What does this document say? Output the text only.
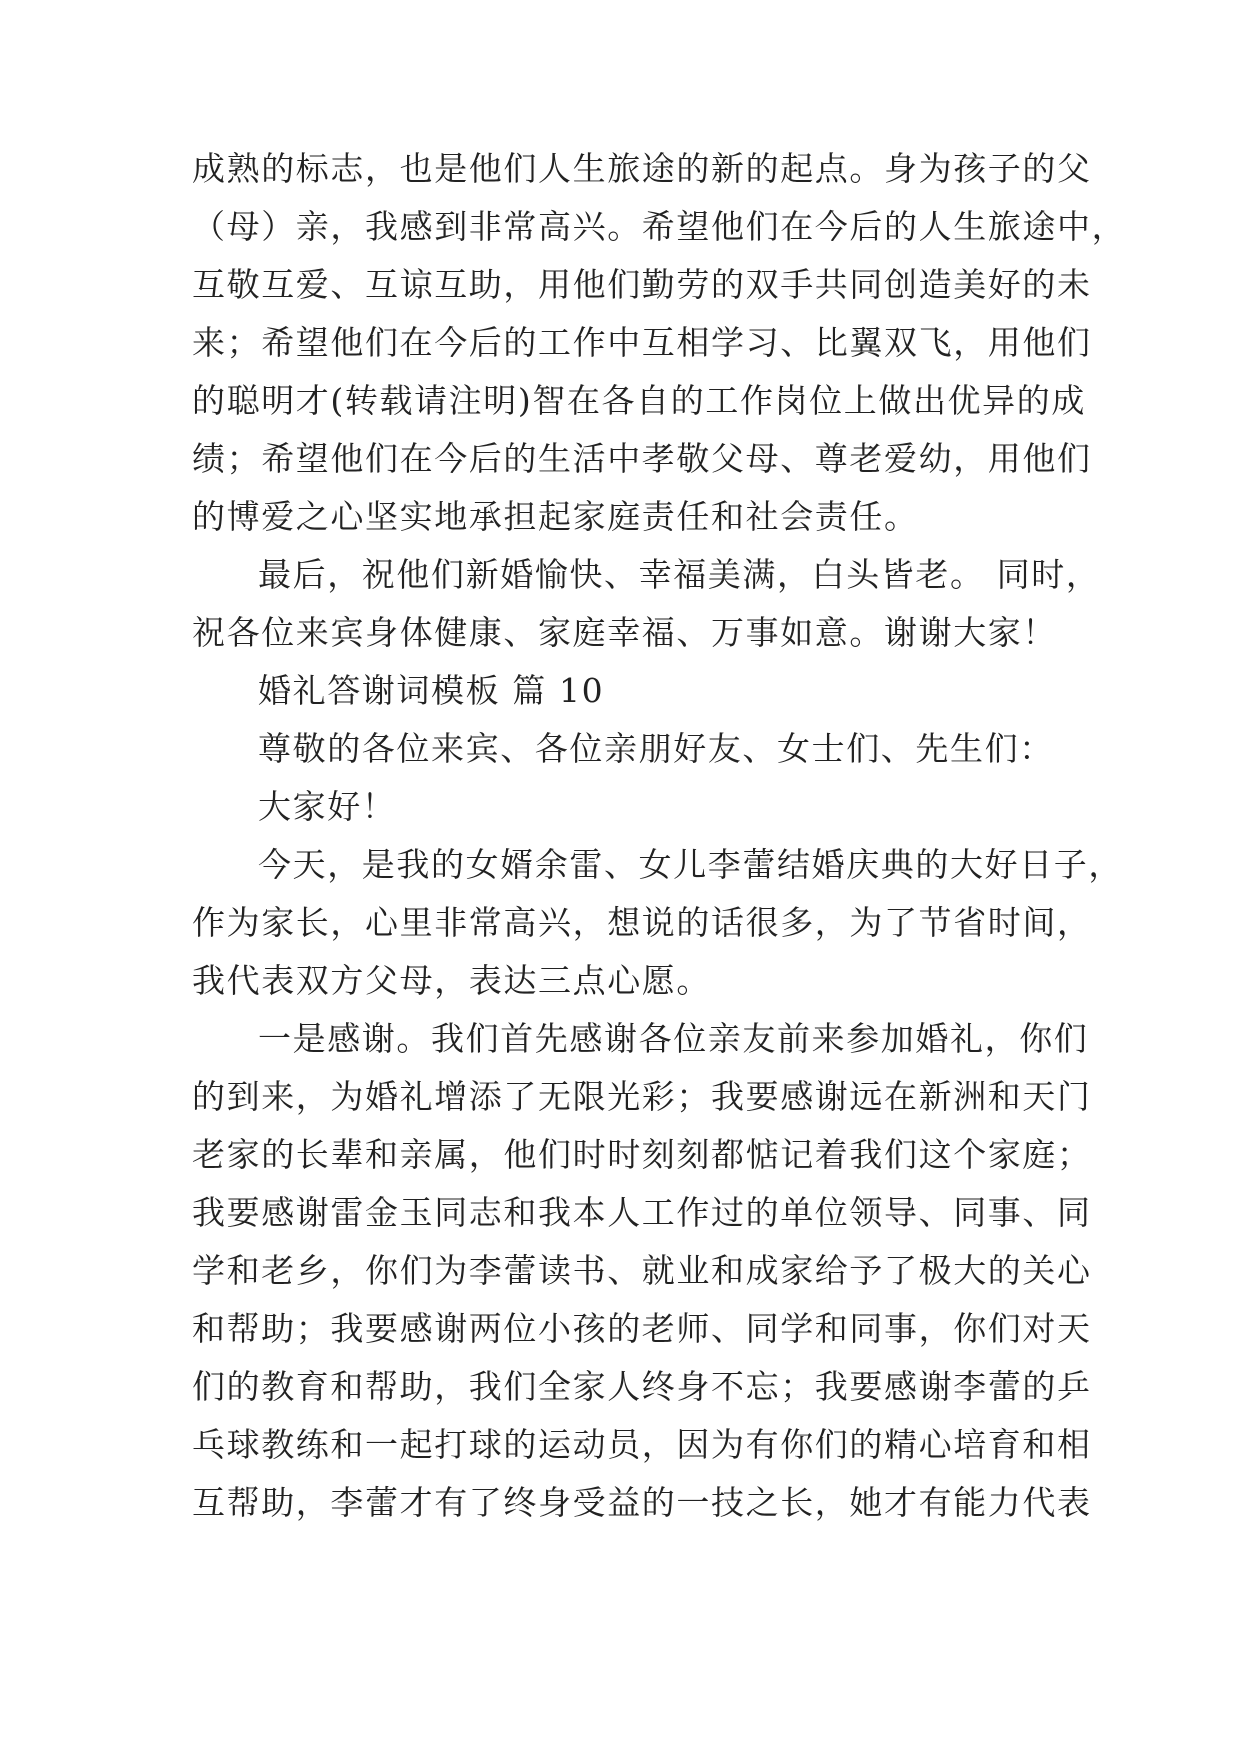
成熟的标志，也是他们人生旅途的新的起点。身为孩子的父
（母）亲，我感到非常高兴。希望他们在今后的人生旅途中，
互敬互爱、互谅互助，用他们勤劳的双手共同创造美好的未
来；希望他们在今后的工作中互相学习、比翼双飞，用他们
的聪明才(转载请注明)智在各自的工作岗位上做出优异的成
绩；希望他们在今后的生活中孝敬父母、尊老爱幼，用他们
的博爱之心坚实地承担起家庭责任和社会责任。
最后，祝他们新婚愉快、幸福美满，白头皆老。 同时，
祝各位来宾身体健康、家庭幸福、万事如意。谢谢大家！
婚礼答谢词模板 篇 10
尊敬的各位来宾、各位亲朋好友、女士们、先生们：
大家好！
今天，是我的女婿余雷、女儿李蕾结婚庆典的大好日子，
作为家长，心里非常高兴，想说的话很多，为了节省时间，
我代表双方父母，表达三点心愿。
一是感谢。我们首先感谢各位亲友前来参加婚礼，你们
的到来，为婚礼增添了无限光彩；我要感谢远在新洲和天门
老家的长辈和亲属，他们时时刻刻都惦记着我们这个家庭；
我要感谢雷金玉同志和我本人工作过的单位领导、同事、同
学和老乡，你们为李蕾读书、就业和成家给予了极大的关心
和帮助；我要感谢两位小孩的老师、同学和同事，你们对天
们的教育和帮助，我们全家人终身不忘；我要感谢李蕾的乒
乓球教练和一起打球的运动员，因为有你们的精心培育和相
互帮助，李蕾才有了终身受益的一技之长，她才有能力代表
